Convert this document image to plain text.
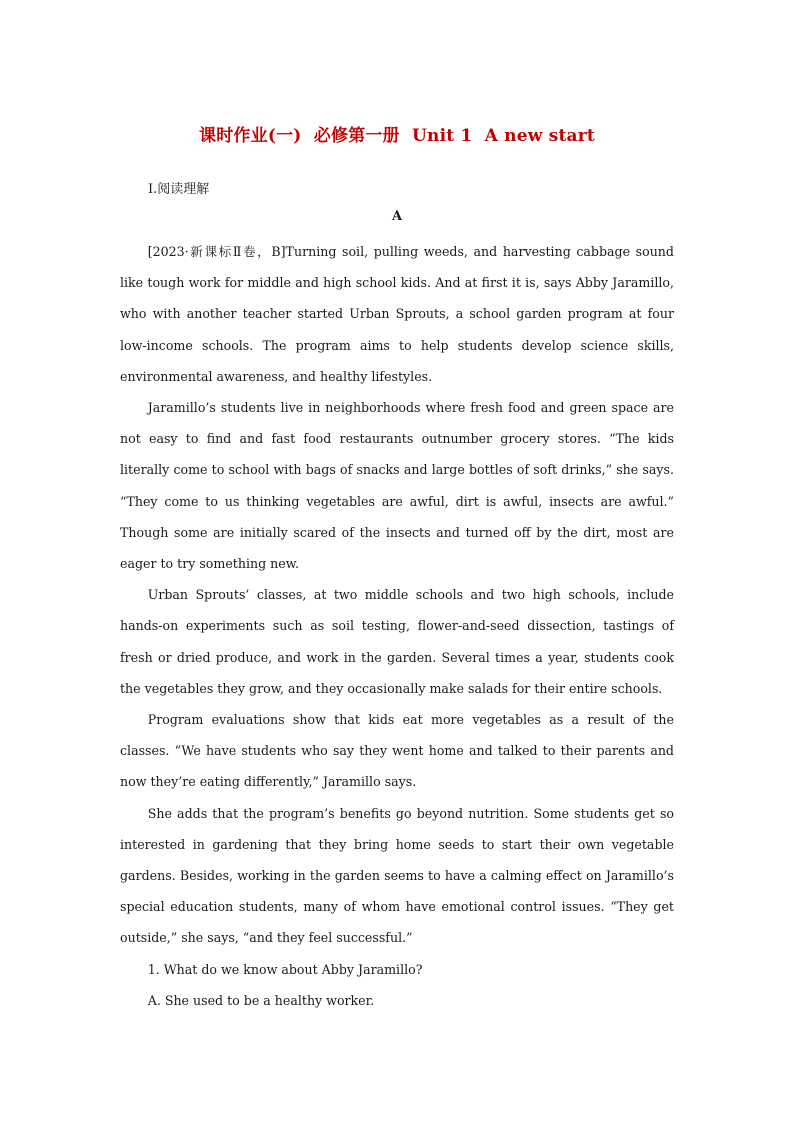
课时作业(一)  必修第一册  Unit 1  A new start
Ⅰ.阅读理解
A

[2023·新课标Ⅱ卷，B]Turning soil, pulling weeds, and harvesting cabbage sound like tough work for middle and high school kids. And at first it is, says Abby Jaramillo, who with another teacher started Urban Sprouts, a school garden program at four low-income schools. The program aims to help students develop science skills, environmental awareness, and healthy lifestyles.

Jaramillo’s students live in neighborhoods where fresh food and green space are not easy to find and fast food restaurants outnumber grocery stores. “The kids literally come to school with bags of snacks and large bottles of soft drinks,” she says. “They come to us thinking vegetables are awful, dirt is awful, insects are awful.” Though some are initially scared of the insects and turned off by the dirt, most are eager to try something new.

Urban Sprouts’ classes, at two middle schools and two high schools, include hands-on experiments such as soil testing, flower-and-seed dissection, tastings of fresh or dried produce, and work in the garden. Several times a year, students cook the vegetables they grow, and they occasionally make salads for their entire schools.

Program evaluations show that kids eat more vegetables as a result of the classes. “We have students who say they went home and talked to their parents and now they’re eating differently,” Jaramillo says.

She adds that the program’s benefits go beyond nutrition. Some students get so interested in gardening that they bring home seeds to start their own vegetable gardens. Besides, working in the garden seems to have a calming effect on Jaramillo’s special education students, many of whom have emotional control issues. “They get outside,” she says, “and they feel successful.”

1. What do we know about Abby Jaramillo?
A. She used to be a healthy worker.
